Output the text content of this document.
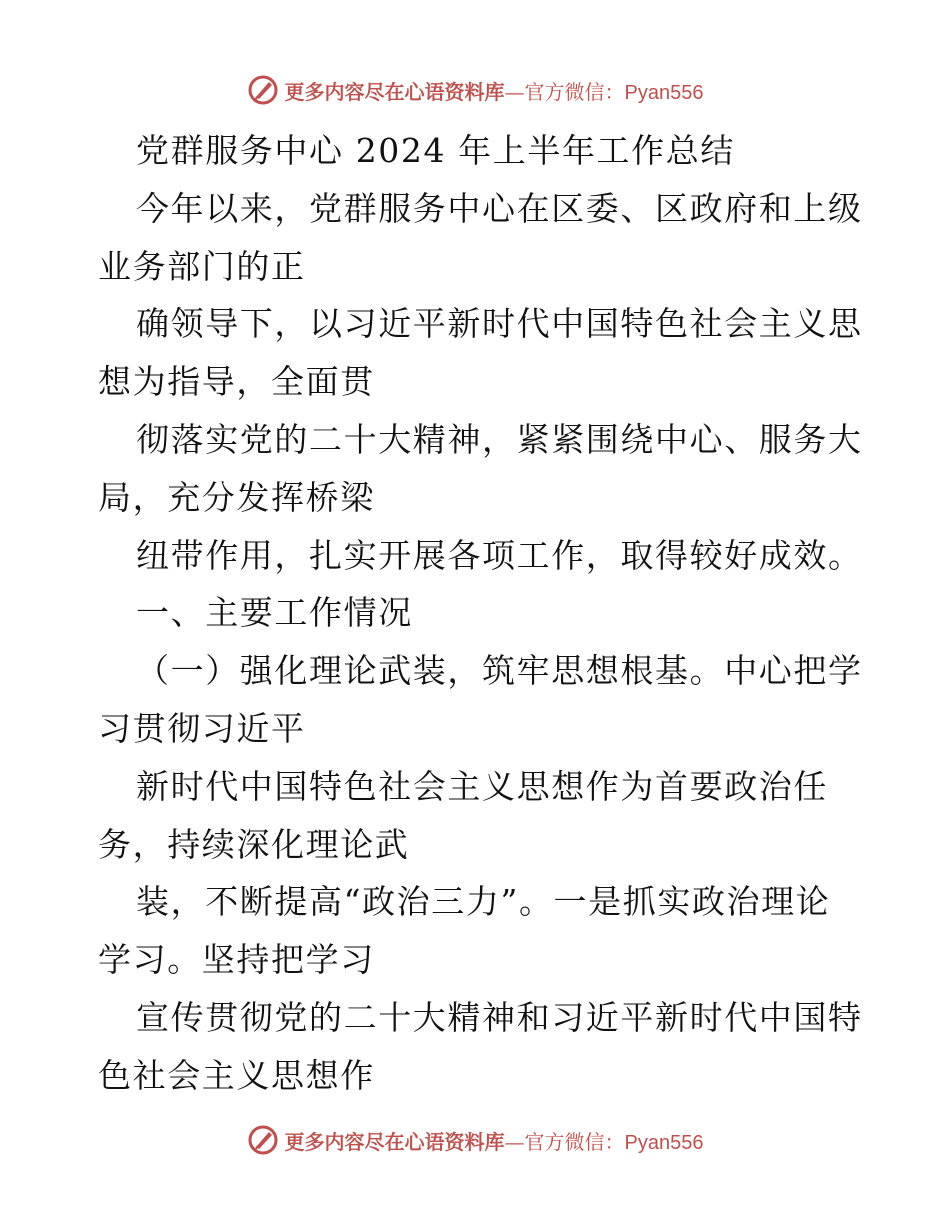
更多内容尽在心语资料库—官方微信：Pyan556
党群服务中心 2024 年上半年工作总结
今年以来，党群服务中心在区委、区政府和上级
业务部门的正
确领导下，以习近平新时代中国特色社会主义思
想为指导，全面贯
彻落实党的二十大精神，紧紧围绕中心、服务大
局，充分发挥桥梁
纽带作用，扎实开展各项工作，取得较好成效。
一、主要工作情况
（一）强化理论武装，筑牢思想根基。中心把学
习贯彻习近平
新时代中国特色社会主义思想作为首要政治任
务，持续深化理论武
装，不断提高“政治三力”。一是抓实政治理论
学习。坚持把学习
宣传贯彻党的二十大精神和习近平新时代中国特
色社会主义思想作
更多内容尽在心语资料库—官方微信：Pyan556
